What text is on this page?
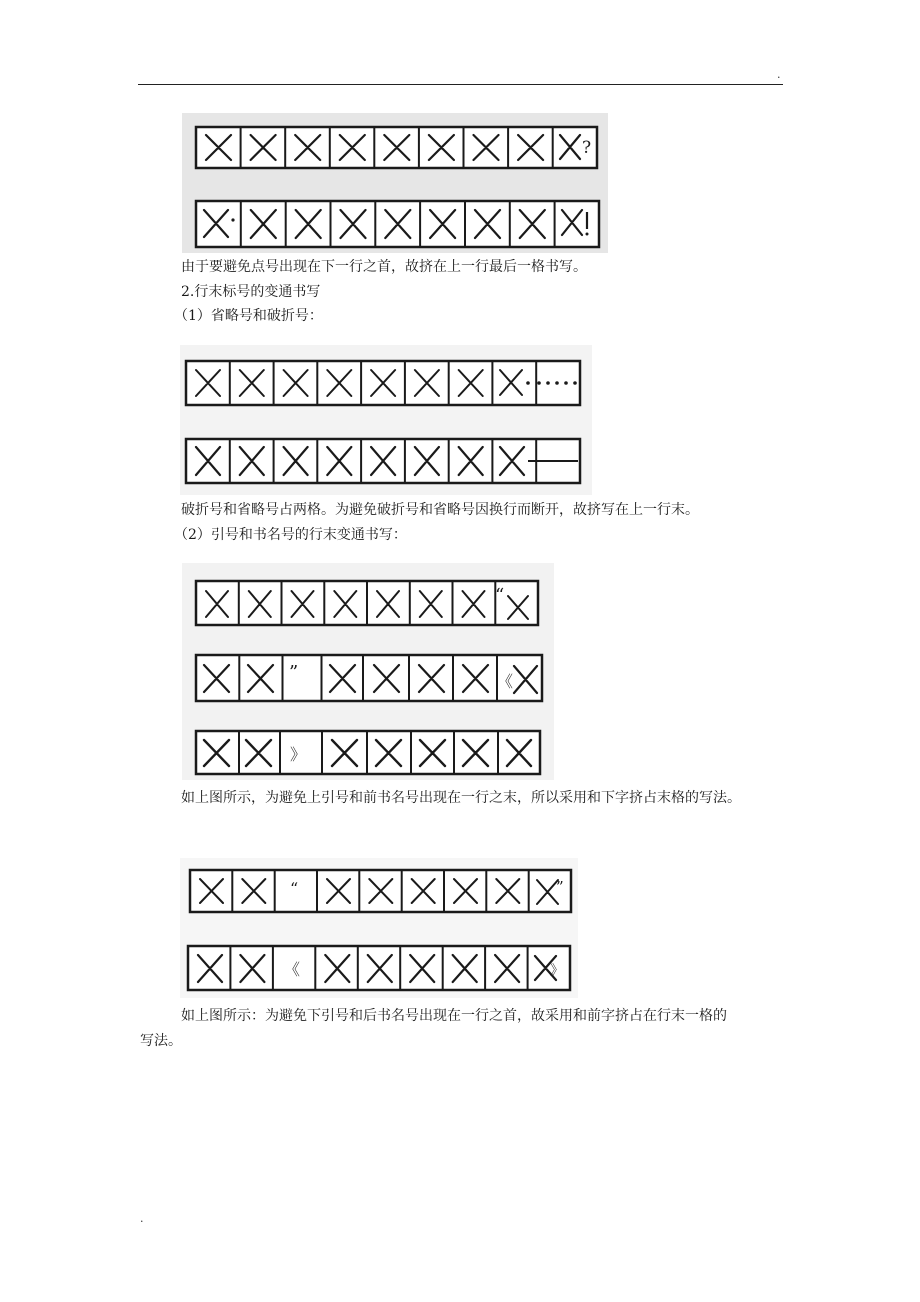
.
.
?

由于要避免点号出现在下一行之首，故挤在上一行最后一格书写。

2.行末标号的变通书写

（1）省略号和破折号：

破折号和省略号占两格。为避免破折号和省略号因换行而断开，故挤写在上一行末。

（2）引号和书名号的行末变通书写：

“
”	《
》

如上图所示，为避免上引号和前书名号出现在一行之末，所以采用和下字挤占末格的写法。

“	”
《	》

如上图所示：为避免下引号和后书名号出现在一行之首，故采用和前字挤占在行末一格的

写法。
